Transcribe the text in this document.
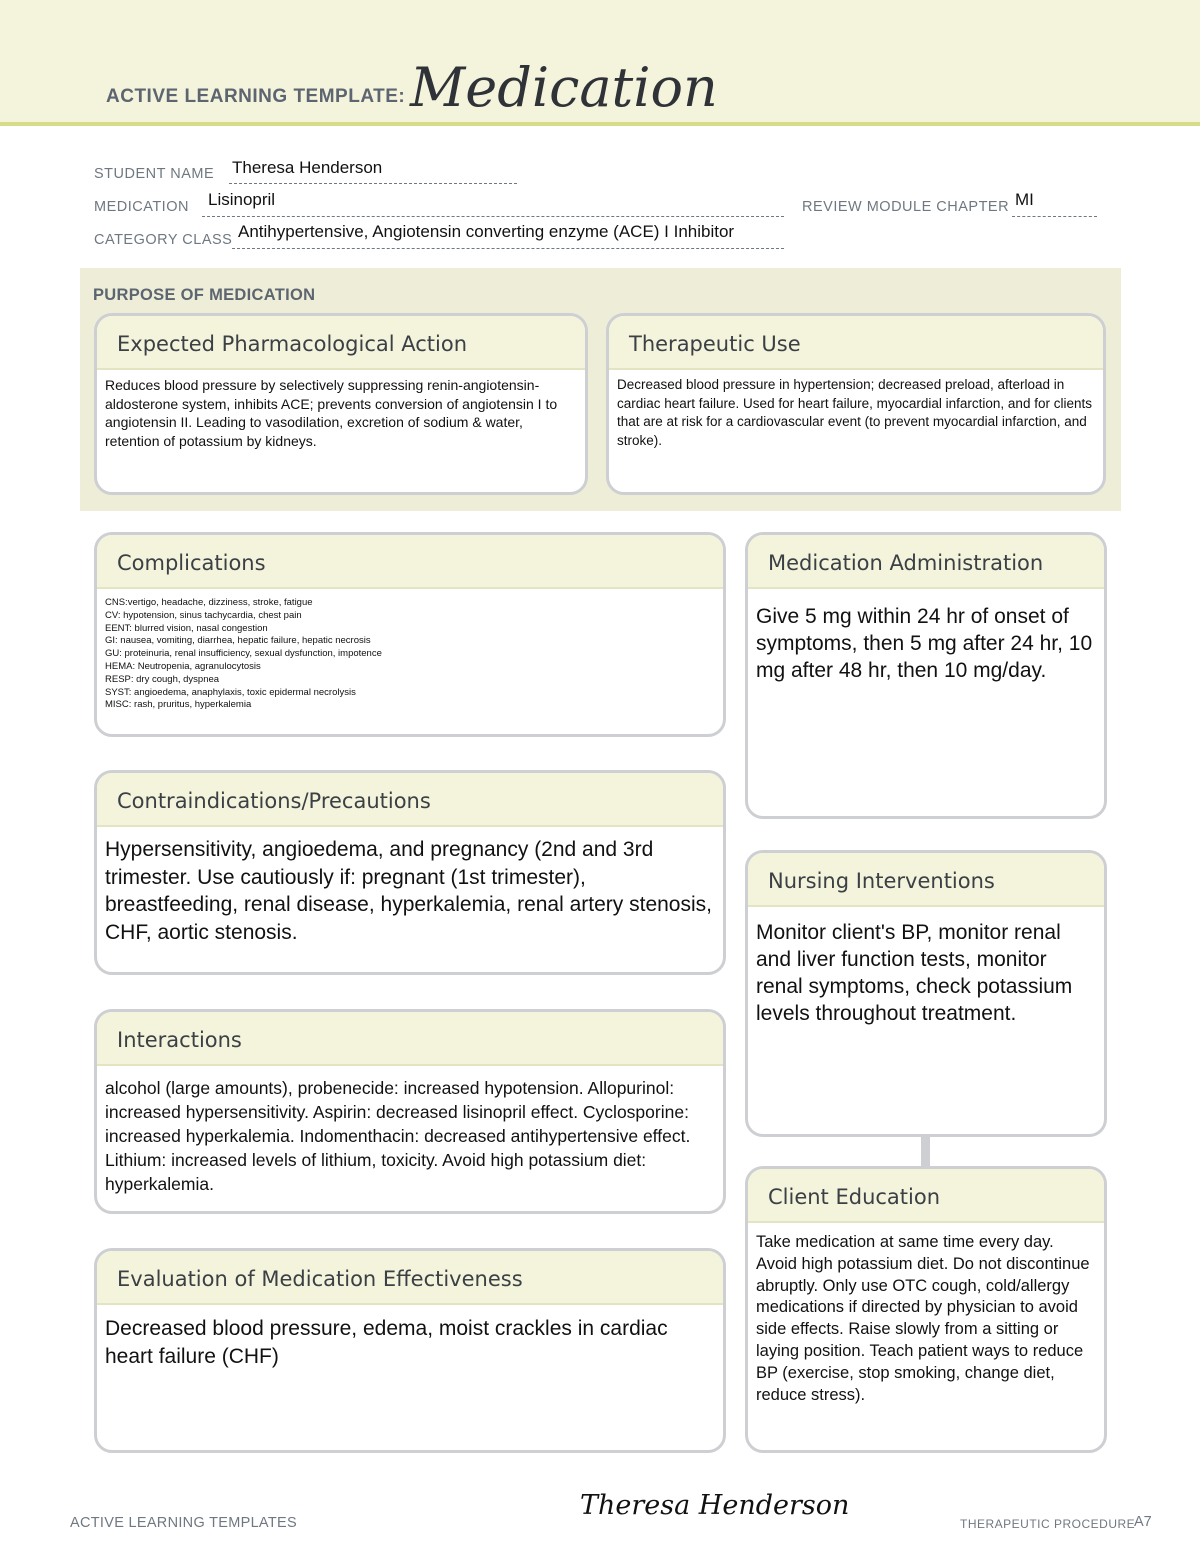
ACTIVE LEARNING TEMPLATE: Medication
STUDENT NAME Theresa Henderson
MEDICATION Lisinopril	REVIEW MODULE CHAPTER MI
CATEGORY CLASS Antihypertensive, Angiotensin converting enzyme (ACE) I Inhibitor
PURPOSE OF MEDICATION
Expected Pharmacological Action
Reduces blood pressure by selectively suppressing renin-angiotensin-aldosterone system, inhibits ACE; prevents conversion of angiotensin I to angiotensin II. Leading to vasodilation, excretion of sodium & water, retention of potassium by kidneys.
Therapeutic Use
Decreased blood pressure in hypertension; decreased preload, afterload in cardiac heart failure. Used for heart failure, myocardial infarction, and for clients that are at risk for a cardiovascular event (to prevent myocardial infarction, and stroke).
Complications
CNS:vertigo, headache, dizziness, stroke, fatigue
CV: hypotension, sinus tachycardia, chest pain
EENT: blurred vision, nasal congestion
GI: nausea, vomiting, diarrhea, hepatic failure, hepatic necrosis
GU: proteinuria, renal insufficiency, sexual dysfunction, impotence
HEMA: Neutropenia, agranulocytosis
RESP: dry cough, dyspnea
SYST: angioedema, anaphylaxis, toxic epidermal necrolysis
MISC: rash, pruritus, hyperkalemia
Medication Administration
Give 5 mg within 24 hr of onset of symptoms, then 5 mg after 24 hr, 10 mg after 48 hr, then 10 mg/day.
Contraindications/Precautions
Hypersensitivity, angioedema, and pregnancy (2nd and 3rd trimester. Use cautiously if: pregnant (1st trimester), breastfeeding, renal disease, hyperkalemia, renal artery stenosis, CHF, aortic stenosis.
Nursing Interventions
Monitor client's BP, monitor renal and liver function tests, monitor renal symptoms, check potassium levels throughout treatment.
Interactions
alcohol (large amounts), probenecide: increased hypotension. Allopurinol: increased hypersensitivity. Aspirin: decreased lisinopril effect. Cyclosporine: increased hyperkalemia. Indomenthacin: decreased antihypertensive effect. Lithium: increased levels of lithium, toxicity. Avoid high potassium diet: hyperkalemia.
Client Education
Take medication at same time every day. Avoid high potassium diet. Do not discontinue abruptly. Only use OTC cough, cold/allergy medications if directed by physician to avoid side effects. Raise slowly from a sitting or laying position. Teach patient ways to reduce BP (exercise, stop smoking, change diet, reduce stress).
Evaluation of Medication Effectiveness
Decreased blood pressure, edema, moist crackles in cardiac heart failure (CHF)
ACTIVE LEARNING TEMPLATES
Theresa Henderson
THERAPEUTIC PROCEDURE
A7
